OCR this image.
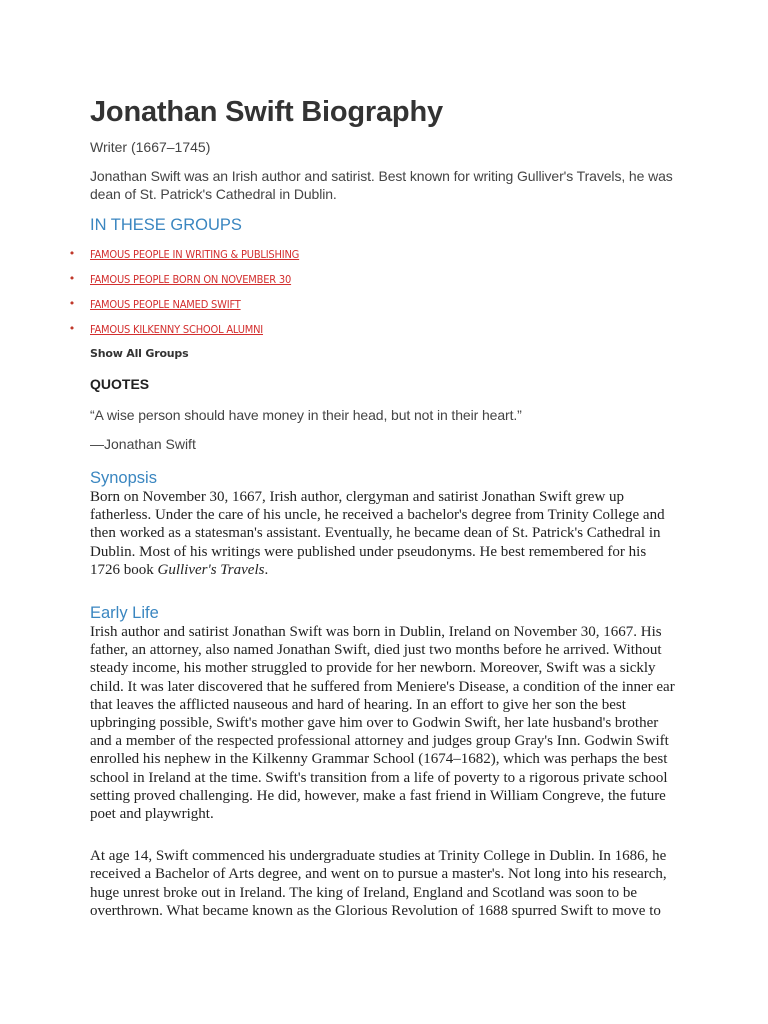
Jonathan Swift Biography
Writer (1667–1745)
Jonathan Swift was an Irish author and satirist. Best known for writing Gulliver's Travels, he was dean of St. Patrick's Cathedral in Dublin.
IN THESE GROUPS
• FAMOUS PEOPLE IN WRITING & PUBLISHING
• FAMOUS PEOPLE BORN ON NOVEMBER 30
• FAMOUS PEOPLE NAMED SWIFT
• FAMOUS KILKENNY SCHOOL ALUMNI
Show All Groups
QUOTES
“A wise person should have money in their head, but not in their heart.”
—Jonathan Swift
Synopsis

Born on November 30, 1667, Irish author, clergyman and satirist Jonathan Swift grew up fatherless. Under the care of his uncle, he received a bachelor's degree from Trinity College and then worked as a statesman's assistant. Eventually, he became dean of St. Patrick's Cathedral in Dublin. Most of his writings were published under pseudonyms. He best remembered for his 1726 book Gulliver's Travels.

Early Life

Irish author and satirist Jonathan Swift was born in Dublin, Ireland on November 30, 1667. His father, an attorney, also named Jonathan Swift, died just two months before he arrived. Without steady income, his mother struggled to provide for her newborn. Moreover, Swift was a sickly child. It was later discovered that he suffered from Meniere's Disease, a condition of the inner ear that leaves the afflicted nauseous and hard of hearing. In an effort to give her son the best upbringing possible, Swift's mother gave him over to Godwin Swift, her late husband's brother and a member of the respected professional attorney and judges group Gray's Inn. Godwin Swift enrolled his nephew in the Kilkenny Grammar School (1674–1682), which was perhaps the best school in Ireland at the time. Swift's transition from a life of poverty to a rigorous private school setting proved challenging. He did, however, make a fast friend in William Congreve, the future poet and playwright.

At age 14, Swift commenced his undergraduate studies at Trinity College in Dublin. In 1686, he received a Bachelor of Arts degree, and went on to pursue a master's. Not long into his research, huge unrest broke out in Ireland. The king of Ireland, England and Scotland was soon to be overthrown. What became known as the Glorious Revolution of 1688 spurred Swift to move to
